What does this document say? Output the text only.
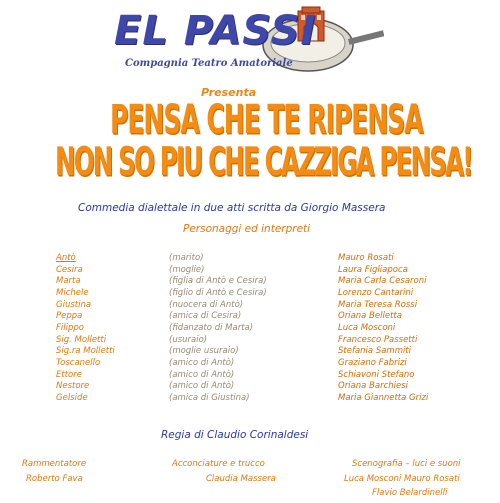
EL PASSI
Compagnia Teatro Amatoriale
Presenta
PENSA CHE TE RIPENSA
NON SO PIU CHE CAZZIGA PENSA!
Commedia dialettale in due atti scritta da Giorgio Massera
Personaggi ed interpreti
Antò
Cesira
Marta
Michele
Giustina
Peppa
Filippo
Sig. Molletti
Sig.ra Molletti
Toscanello
Ettore
Nestore
Gelside
(marito)
(moglie)
(figlia di Antò e Cesira)
(figlio di Antò e Cesira)
(nuocera di Antò)
(amica di Cesira)
(fidanzato di Marta)
(usuraio)
(moglie usuraio)
(amico di Antò)
(amico di Antò)
(amico di Antò)
(amica di Giustina)
Mauro Rosati
Laura Figliapoca
Maria Carla Cesaroni
Lorenzo Cantarini
Maria Teresa Rossi
Oriana Belletta
Luca Mosconi
Francesco Passetti
Stefania Sammiti
Graziano Fabrizi
Schiavoni Stefano
Oriana Barchiesi
Maria Giannetta Grizi
Regia di Claudio Corinaldesi
Rammentatore
Roberto Fava
Acconciature e trucco
Claudia Massera
Scenografia – luci e suoni
Luca Mosconi Mauro Rosati
Flavio Belardinelli
